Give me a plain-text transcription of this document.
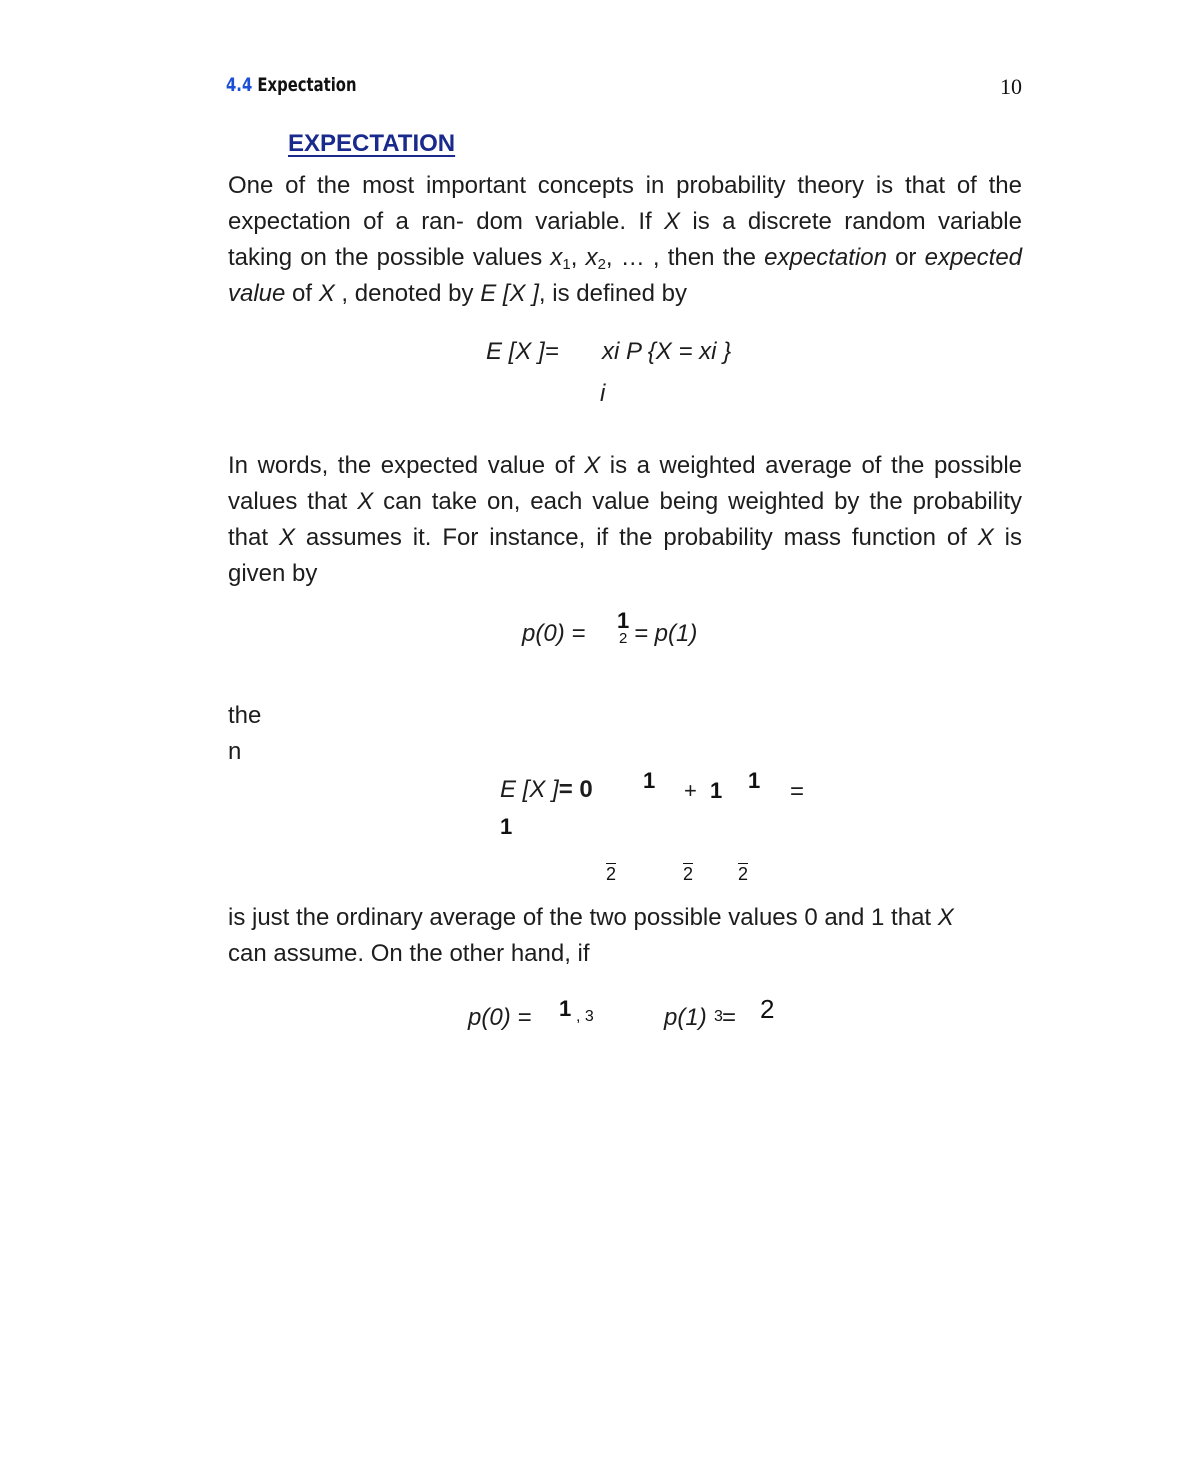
4.4 Expectation	10
EXPECTATION
One of the most important concepts in probability theory is that of the expectation of a ran- dom variable. If X is a discrete random variable taking on the possible values $x_1$, $x_2$, … , then the expectation or expected value of X , denoted by E [X ], is defined by
E [X ]= xi P {X = xi }
i
In words, the expected value of X is a weighted average of the possible values that X can take on, each value being weighted by the probability that X assumes it. For instance, if the probability mass function of X is given by
p(0) = 1
2 = p(1)
the
n
E [X ]= 0 1 + 1 1 =
1
2	2 2
is just the ordinary average of the two possible values 0 and 1 that X
can assume. On the other hand, if
p(0) = 1 , 3	p(1) 3 = 2
